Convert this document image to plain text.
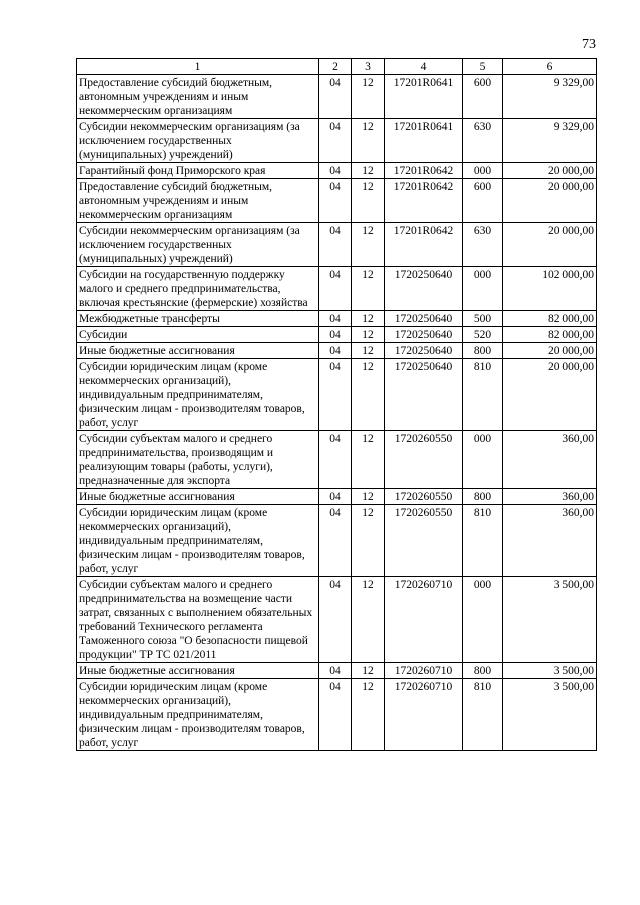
73
1	2	3	4	5	6
Предоставление субсидий бюджетным, автономным учреждениям и иным некоммерческим организациям	04	12	17201R0641	600	9 329,00
Субсидии некоммерческим организациям (за исключением государственных (муниципальных) учреждений)	04	12	17201R0641	630	9 329,00
Гарантийный фонд Приморского края	04	12	17201R0642	000	20 000,00
Предоставление субсидий бюджетным, автономным учреждениям и иным некоммерческим организациям	04	12	17201R0642	600	20 000,00
Субсидии некоммерческим организациям (за исключением государственных (муниципальных) учреждений)	04	12	17201R0642	630	20 000,00
Субсидии на государственную поддержку малого и среднего предпринимательства, включая крестьянские (фермерские) хозяйства	04	12	1720250640	000	102 000,00
Межбюджетные трансферты	04	12	1720250640	500	82 000,00
Субсидии	04	12	1720250640	520	82 000,00
Иные бюджетные ассигнования	04	12	1720250640	800	20 000,00
Субсидии юридическим лицам (кроме некоммерческих организаций), индивидуальным предпринимателям, физическим лицам - производителям товаров, работ, услуг	04	12	1720250640	810	20 000,00
Субсидии субъектам малого и среднего предпринимательства, производящим и реализующим товары (работы, услуги), предназначенные для экспорта	04	12	1720260550	000	360,00
Иные бюджетные ассигнования	04	12	1720260550	800	360,00
Субсидии юридическим лицам (кроме некоммерческих организаций), индивидуальным предпринимателям, физическим лицам - производителям товаров, работ, услуг	04	12	1720260550	810	360,00
Субсидии субъектам малого и среднего предпринимательства на возмещение части затрат, связанных с выполнением обязательных требований Технического регламента Таможенного союза "О безопасности пищевой продукции" ТР ТС 021/2011	04	12	1720260710	000	3 500,00
Иные бюджетные ассигнования	04	12	1720260710	800	3 500,00
Субсидии юридическим лицам (кроме некоммерческих организаций), индивидуальным предпринимателям, физическим лицам - производителям товаров, работ, услуг	04	12	1720260710	810	3 500,00
